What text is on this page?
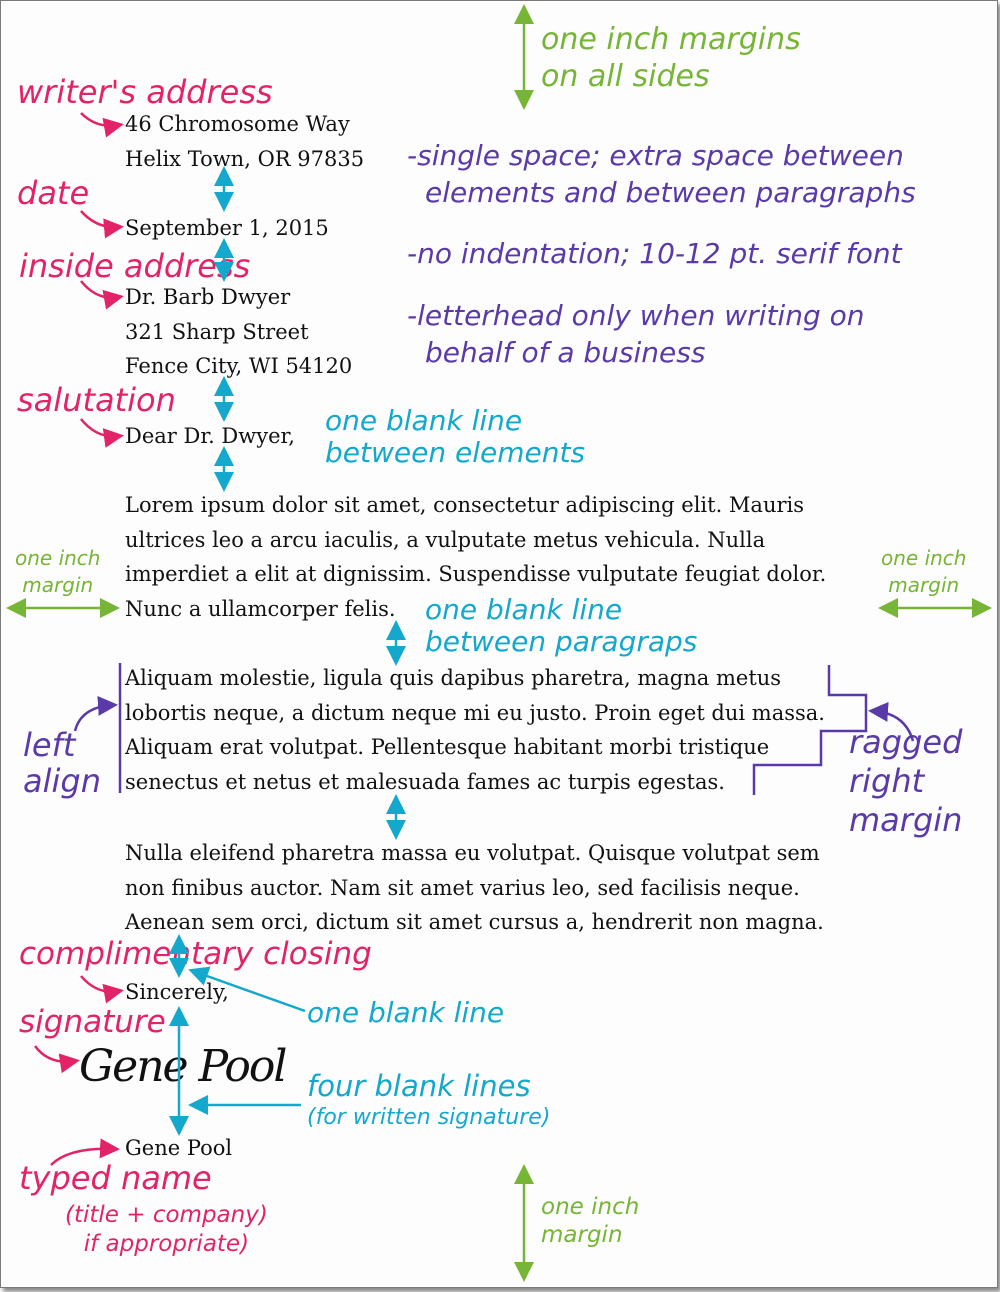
46 Chromosome Way
Helix Town, OR 97835
September 1, 2015
Dr. Barb Dwyer
321 Sharp Street
Fence City, WI 54120
Dear Dr. Dwyer,
Lorem ipsum dolor sit amet, consectetur adipiscing elit. Mauris
ultrices leo a arcu iaculis, a vulputate metus vehicula. Nulla
imperdiet a elit at dignissim. Suspendisse vulputate feugiat dolor.
Nunc a ullamcorper felis.
Aliquam molestie, ligula quis dapibus pharetra, magna metus
lobortis neque, a dictum neque mi eu justo. Proin eget dui massa.
Aliquam erat volutpat. Pellentesque habitant morbi tristique
senectus et netus et malesuada fames ac turpis egestas.
Nulla eleifend pharetra massa eu volutpat. Quisque volutpat sem
non finibus auctor. Nam sit amet varius leo, sed facilisis neque.
Aenean sem orci, dictum sit amet cursus a, hendrerit non magna.
Sincerely,
Gene Pool
Gene Pool
writer's address
date
inside address
salutation
complimentary closing
signature
typed name
(title + company)
if appropriate)
one inch margins
on all sides
one inch
margin
one inch
margin
one inch
margin
-single space; extra space between
elements and between paragraphs
-no indentation; 10-12 pt. serif font
-letterhead only when writing on
behalf of a business
left
align
ragged
right
margin
one blank line
between elements
one blank line
between paragraps
one blank line
four blank lines
(for written signature)
